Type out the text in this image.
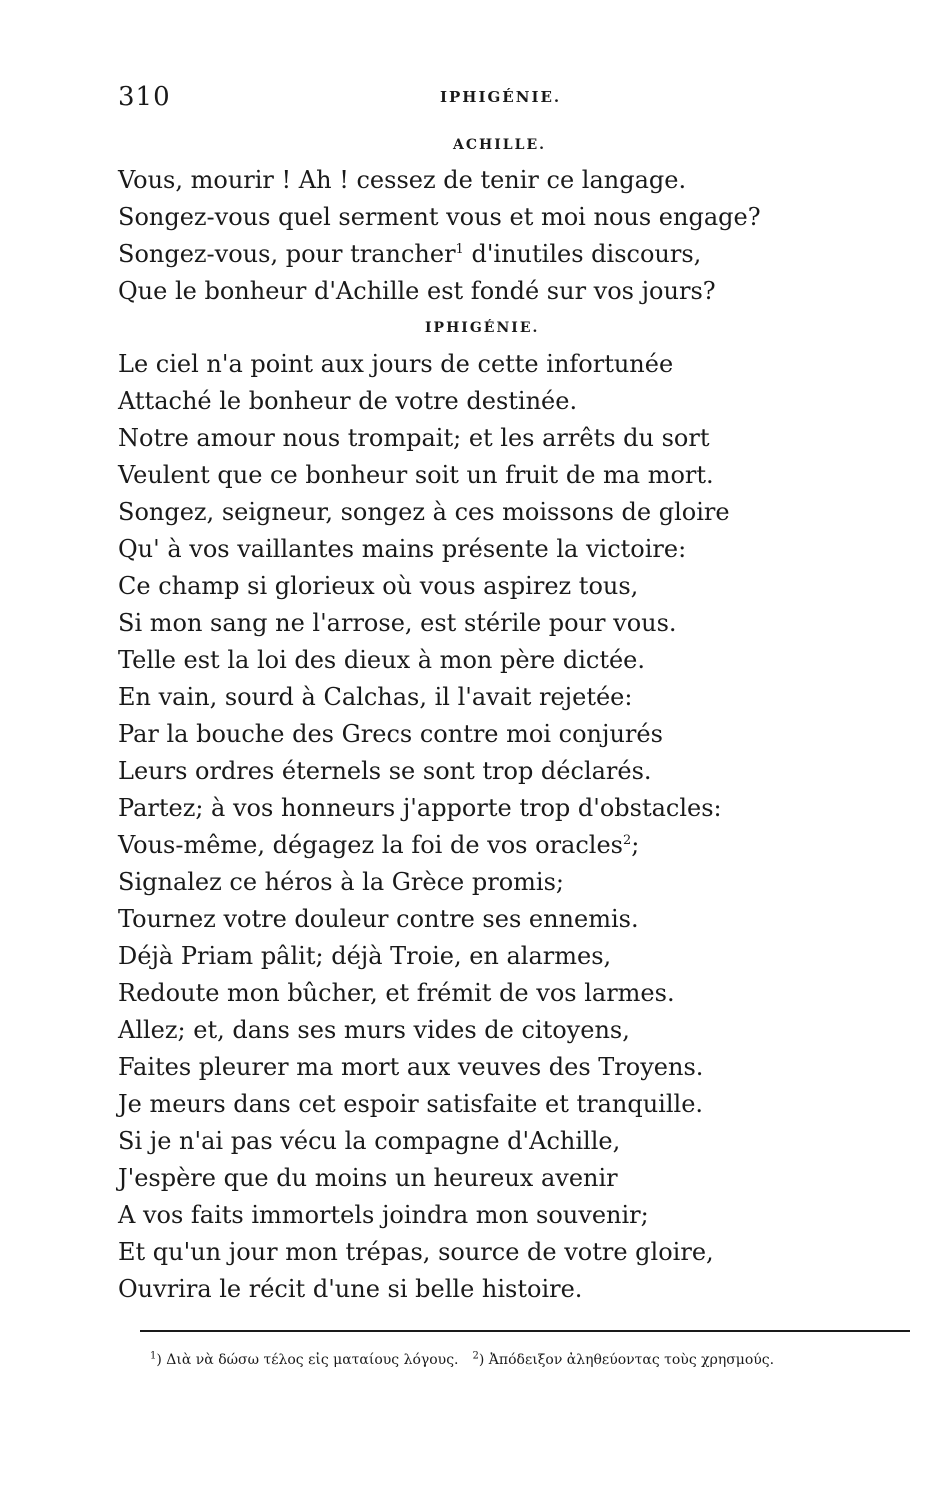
310	IPHIGÉNIE.
ACHILLE.
Vous, mourir ! Ah ! cessez de tenir ce langage.
Songez-vous quel serment vous et moi nous engage?
Songez-vous, pour trancher$^1$ d'inutiles discours,
Que le bonheur d'Achille est fondé sur vos jours?
IPHIGÉNIE.
Le ciel n'a point aux jours de cette infortunée
Attaché le bonheur de votre destinée.
Notre amour nous trompait; et les arrêts du sort
Veulent que ce bonheur soit un fruit de ma mort.
Songez, seigneur, songez à ces moissons de gloire
Qu' à vos vaillantes mains présente la victoire:
Ce champ si glorieux où vous aspirez tous,
Si mon sang ne l'arrose, est stérile pour vous.
Telle est la loi des dieux à mon père dictée.
En vain, sourd à Calchas, il l'avait rejetée:
Par la bouche des Grecs contre moi conjurés
Leurs ordres éternels se sont trop déclarés.
Partez; à vos honneurs j'apporte trop d'obstacles:
Vous-même, dégagez la foi de vos oracles$^2$;
Signalez ce héros à la Grèce promis;
Tournez votre douleur contre ses ennemis.
Déjà Priam pâlit; déjà Troie, en alarmes,
Redoute mon bûcher, et frémit de vos larmes.
Allez; et, dans ses murs vides de citoyens,
Faites pleurer ma mort aux veuves des Troyens.
Je meurs dans cet espoir satisfaite et tranquille.
Si je n'ai pas vécu la compagne d'Achille,
J'espère que du moins un heureux avenir
A vos faits immortels joindra mon souvenir;
Et qu'un jour mon trépas, source de votre gloire,
Ouvrira le récit d'une si belle histoire.
$^1$) Διὰ νὰ δώσω τέλος εἰς ματαίους λόγους. $^2$) Ἀπόδειξον ἀληθεύοντας τοὺς χρησμούς.
